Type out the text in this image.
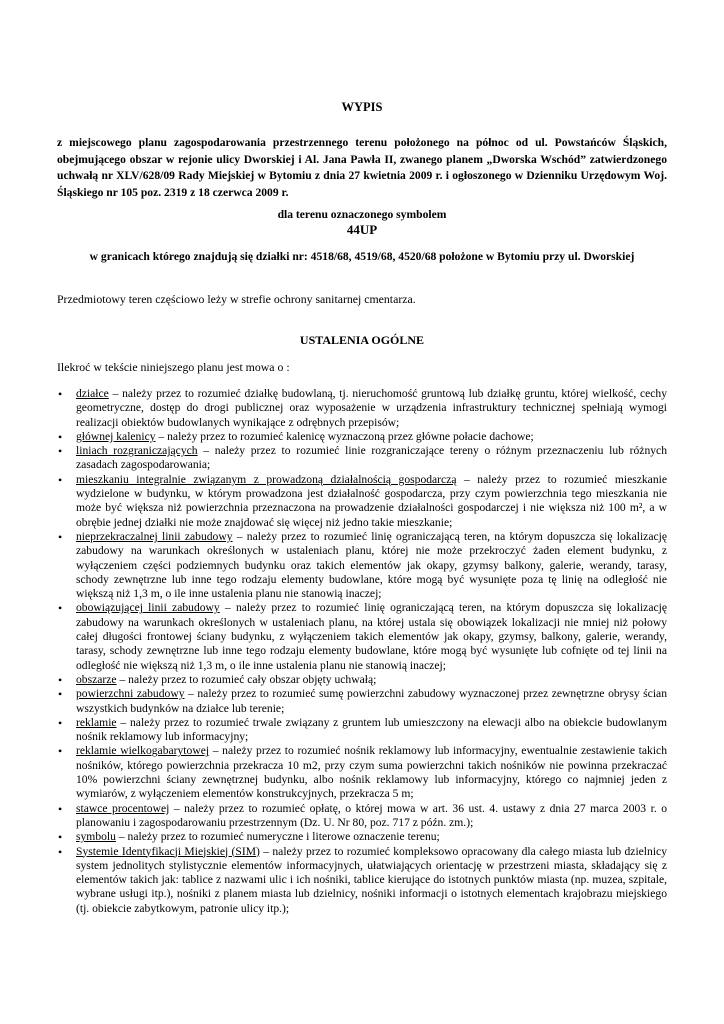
WYPIS

z miejscowego planu zagospodarowania przestrzennego terenu położonego na północ od ul. Powstańców Śląskich, obejmującego obszar w rejonie ulicy Dworskiej i Al. Jana Pawła II, zwanego planem „Dworska Wschód” zatwierdzonego uchwałą nr XLV/628/09 Rady Miejskiej w Bytomiu z dnia 27 kwietnia 2009 r. i ogłoszonego w Dzienniku Urzędowym Woj. Śląskiego nr 105 poz. 2319 z 18 czerwca 2009 r.

dla terenu oznaczonego symbolem
44UP
w granicach którego znajdują się działki nr: 4518/68, 4519/68, 4520/68 położone w Bytomiu przy ul. Dworskiej
Przedmiotowy teren częściowo leży w strefie ochrony sanitarnej cmentarza.
USTALENIA OGÓLNE
Ilekroć w tekście niniejszego planu jest mowa o :
• działce – należy przez to rozumieć działkę budowlaną, tj. nieruchomość gruntową lub działkę gruntu, której wielkość, cechy geometryczne, dostęp do drogi publicznej oraz wyposażenie w urządzenia infrastruktury technicznej spełniają wymogi realizacji obiektów budowlanych wynikające z odrębnych przepisów;
• głównej kalenicy – należy przez to rozumieć kalenicę wyznaczoną przez główne połacie dachowe;
• liniach rozgraniczających – należy przez to rozumieć linie rozgraniczające tereny o różnym przeznaczeniu lub różnych zasadach zagospodarowania;
• mieszkaniu integralnie związanym z prowadzoną działalnością gospodarczą – należy przez to rozumieć mieszkanie wydzielone w budynku, w którym prowadzona jest działalność gospodarcza, przy czym powierzchnia tego mieszkania nie może być większa niż powierzchnia przeznaczona na prowadzenie działalności gospodarczej i nie większa niż 100 m², a w obrębie jednej działki nie może znajdować się więcej niż jedno takie mieszkanie;
• nieprzekraczalnej linii zabudowy – należy przez to rozumieć linię ograniczającą teren, na którym dopuszcza się lokalizację zabudowy na warunkach określonych w ustaleniach planu, której nie może przekroczyć żaden element budynku, z wyłączeniem części podziemnych budynku oraz takich elementów jak okapy, gzymsy balkony, galerie, werandy, tarasy, schody zewnętrzne lub inne tego rodzaju elementy budowlane, które mogą być wysunięte poza tę linię na odległość nie większą niż 1,3 m, o ile inne ustalenia planu nie stanowią inaczej;
• obowiązującej linii zabudowy – należy przez to rozumieć linię ograniczającą teren, na którym dopuszcza się lokalizację zabudowy na warunkach określonych w ustaleniach planu, na której ustala się obowiązek lokalizacji nie mniej niż połowy całej długości frontowej ściany budynku, z wyłączeniem takich elementów jak okapy, gzymsy, balkony, galerie, werandy, tarasy, schody zewnętrzne lub inne tego rodzaju elementy budowlane, które mogą być wysunięte lub cofnięte od tej linii na odległość nie większą niż 1,3 m, o ile inne ustalenia planu nie stanowią inaczej;
• obszarze – należy przez to rozumieć cały obszar objęty uchwałą;
• powierzchni zabudowy – należy przez to rozumieć sumę powierzchni zabudowy wyznaczonej przez zewnętrzne obrysy ścian wszystkich budynków na działce lub terenie;
• reklamie – należy przez to rozumieć trwale związany z gruntem lub umieszczony na elewacji albo na obiekcie budowlanym nośnik reklamowy lub informacyjny;
• reklamie wielkogabarytowej – należy przez to rozumieć nośnik reklamowy lub informacyjny, ewentualnie zestawienie takich nośników, którego powierzchnia przekracza 10 m2, przy czym suma powierzchni takich nośników nie powinna przekraczać 10% powierzchni ściany zewnętrznej budynku, albo nośnik reklamowy lub informacyjny, którego co najmniej jeden z wymiarów, z wyłączeniem elementów konstrukcyjnych, przekracza 5 m;
• stawce procentowej – należy przez to rozumieć opłatę, o której mowa w art. 36 ust. 4. ustawy z dnia 27 marca 2003 r. o planowaniu i zagospodarowaniu przestrzennym (Dz. U. Nr 80, poz. 717 z późn. zm.);
• symbolu – należy przez to rozumieć numeryczne i literowe oznaczenie terenu;
• Systemie Identyfikacji Miejskiej (SIM) – należy przez to rozumieć kompleksowo opracowany dla całego miasta lub dzielnicy system jednolitych stylistycznie elementów informacyjnych, ułatwiających orientację w przestrzeni miasta, składający się z elementów takich jak: tablice z nazwami ulic i ich nośniki, tablice kierujące do istotnych punktów miasta (np. muzea, szpitale, wybrane usługi itp.), nośniki z planem miasta lub dzielnicy, nośniki informacji o istotnych elementach krajobrazu miejskiego (tj. obiekcie zabytkowym, patronie ulicy itp.);
